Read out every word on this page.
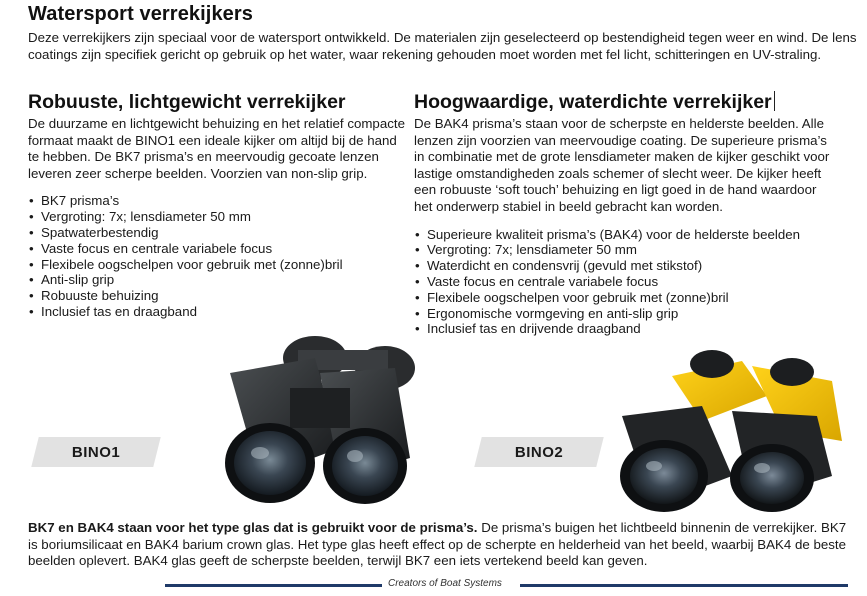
Watersport verrekijkers
Deze verrekijkers zijn speciaal voor de watersport ontwikkeld. De materialen zijn geselecteerd op bestendigheid tegen weer en wind. De lens coatings zijn specifiek gericht op gebruik op het water, waar rekening gehouden moet worden met fel licht, schitteringen en UV-straling.
Robuuste, lichtgewicht verrekijker

De duurzame en lichtgewicht behuizing en het relatief compacte formaat maakt de BINO1 een ideale kijker om altijd bij de hand te hebben. De BK7 prisma’s en meervoudig gecoate lenzen leveren zeer scherpe beelden. Voorzien van non-slip grip.

• BK7 prisma’s
• Vergroting: 7x; lensdiameter 50 mm
• Spatwaterbestendig
• Vaste focus en centrale variabele focus
• Flexibele oogschelpen voor gebruik met (zonne)bril
• Anti-slip grip
• Robuuste behuizing
• Inclusief tas en draagband
Hoogwaardige, waterdichte verrekijker

De BAK4 prisma’s staan voor de scherpste en helderste beelden. Alle lenzen zijn voorzien van meervoudige coating. De superieure prisma’s in combinatie met de grote lensdiameter maken de kijker geschikt voor lastige omstandigheden zoals schemer of slecht weer. De kijker heeft een robuuste ‘soft touch’ behuizing en ligt goed in de hand waardoor het onderwerp stabiel in beeld gebracht kan worden.

• Superieure kwaliteit prisma’s (BAK4) voor de helderste beelden
• Vergroting: 7x; lensdiameter 50 mm
• Waterdicht en condensvrij (gevuld met stikstof)
• Vaste focus en centrale variabele focus
• Flexibele oogschelpen voor gebruik met (zonne)bril
• Ergonomische vormgeving en anti-slip grip
• Inclusief tas en drijvende draagband
BINO1	BINO2
BK7 en BAK4 staan voor het type glas dat is gebruikt voor de prisma’s. De prisma’s buigen het lichtbeeld binnenin de verrekijker. BK7 is boriumsilicaat en BAK4 barium crown glas. Het type glas heeft effect op de scherpte en helderheid van het beeld, waarbij BAK4 de beste beelden oplevert. BAK4 glas geeft de scherpste beelden, terwijl BK7 een iets vertekend beeld kan geven.
Creators of Boat Systems
